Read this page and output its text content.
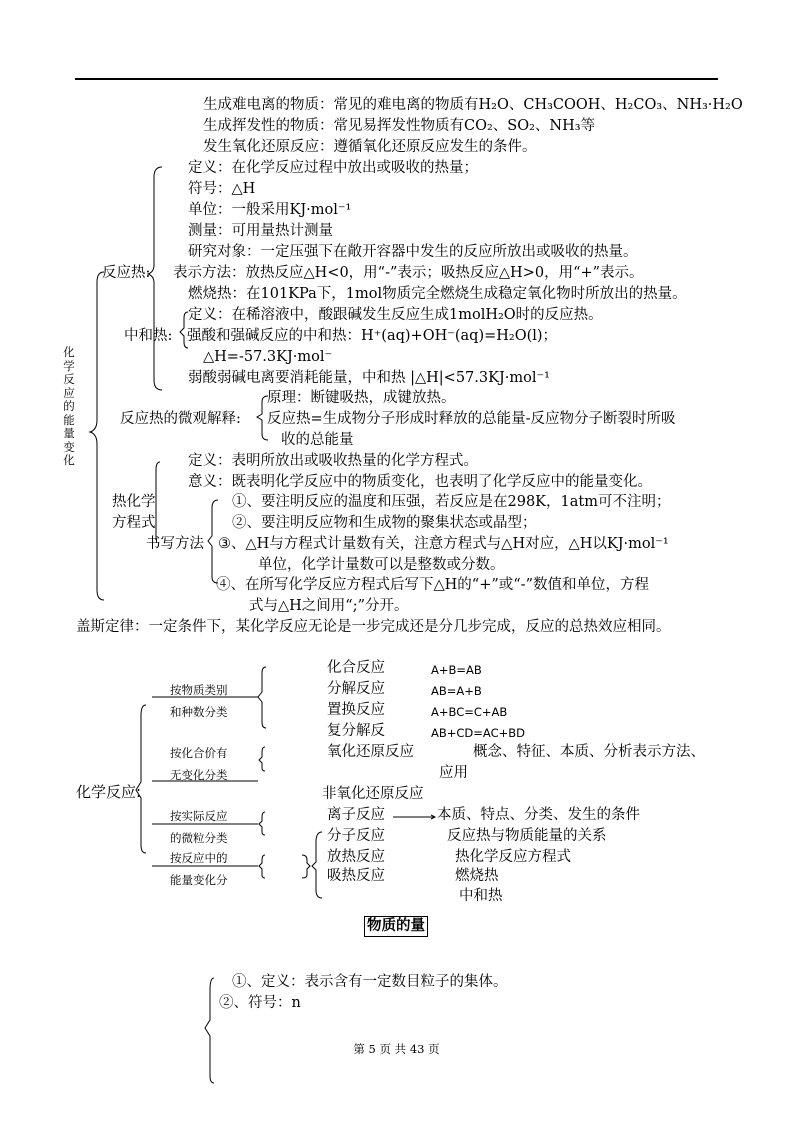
生成难电离的物质：常见的难电离的物质有H₂O、CH₃COOH、H₂CO₃、NH₃·H₂O
生成挥发性的物质：常见易挥发性物质有CO₂、SO₂、NH₃等
发生氧化还原反应：遵循氧化还原反应发生的条件。
定义：在化学反应过程中放出或吸收的热量；
符号：△H
单位：一般采用KJ·mol⁻¹
测量：可用量热计测量
研究对象：一定压强下在敞开容器中发生的反应所放出或吸收的热量。
反应热: 表示方法：放热反应△H<0，用“-”表示；吸热反应△H>0，用“+”表示。
燃烧热：在101KPa下，1mol物质完全燃烧生成稳定氧化物时所放出的热量。
定义：在稀溶液中，酸跟碱发生反应生成1molH₂O时的反应热。
中和热: 强酸和强碱反应的中和热：H⁺(aq)+OH⁻(aq)=H₂O(l)；
△H=-57.3KJ·mol⁻
弱酸弱碱电离要消耗能量，中和热 |△H|<57.3KJ·mol⁻¹
原理：断键吸热，成键放热。
反应热的微观解释: 反应热=生成物分子形成时释放的总能量-反应物分子断裂时所吸
收的总能量
化学反应的能量变化	定义：表明所放出或吸收热量的化学方程式。
意义：既表明化学反应中的物质变化，也表明了化学反应中的能量变化。
热化学
方程式
①、要注明反应的温度和压强，若反应是在298K，1atm可不注明；
②、要注明反应物和生成物的聚集状态或晶型；
书写方法 ③、△H与方程式计量数有关，注意方程式与△H对应，△H以KJ·mol⁻¹
单位，化学计量数可以是整数或分数。
④、在所写化学反应方程式后写下△H的“+”或“-”数值和单位，方程
式与△H之间用“;”分开。
盖斯定律：一定条件下，某化学反应无论是一步完成还是分几步完成，反应的总热效应相同。
按物质类别
和种数分类
按化合价有
无变化分类
按实际反应
的微粒分类
按反应中的
能量变化分
化学反应:
化合反应	A+B=AB
分解反应	AB=A+B
置换反应	A+BC=C+AB
复分解反	AB+CD=AC+BD
氧化还原反应	概念、特征、本质、分析表示方法、
应用
非氧化还原反应
离子反应	本质、特点、分类、发生的条件
分子反应	反应热与物质能量的关系
放热反应	热化学反应方程式
吸热反应	燃烧热
中和热
物质的量
①、定义：表示含有一定数目粒子的集体。
②、符号：n
第 5 页 共 43 页
